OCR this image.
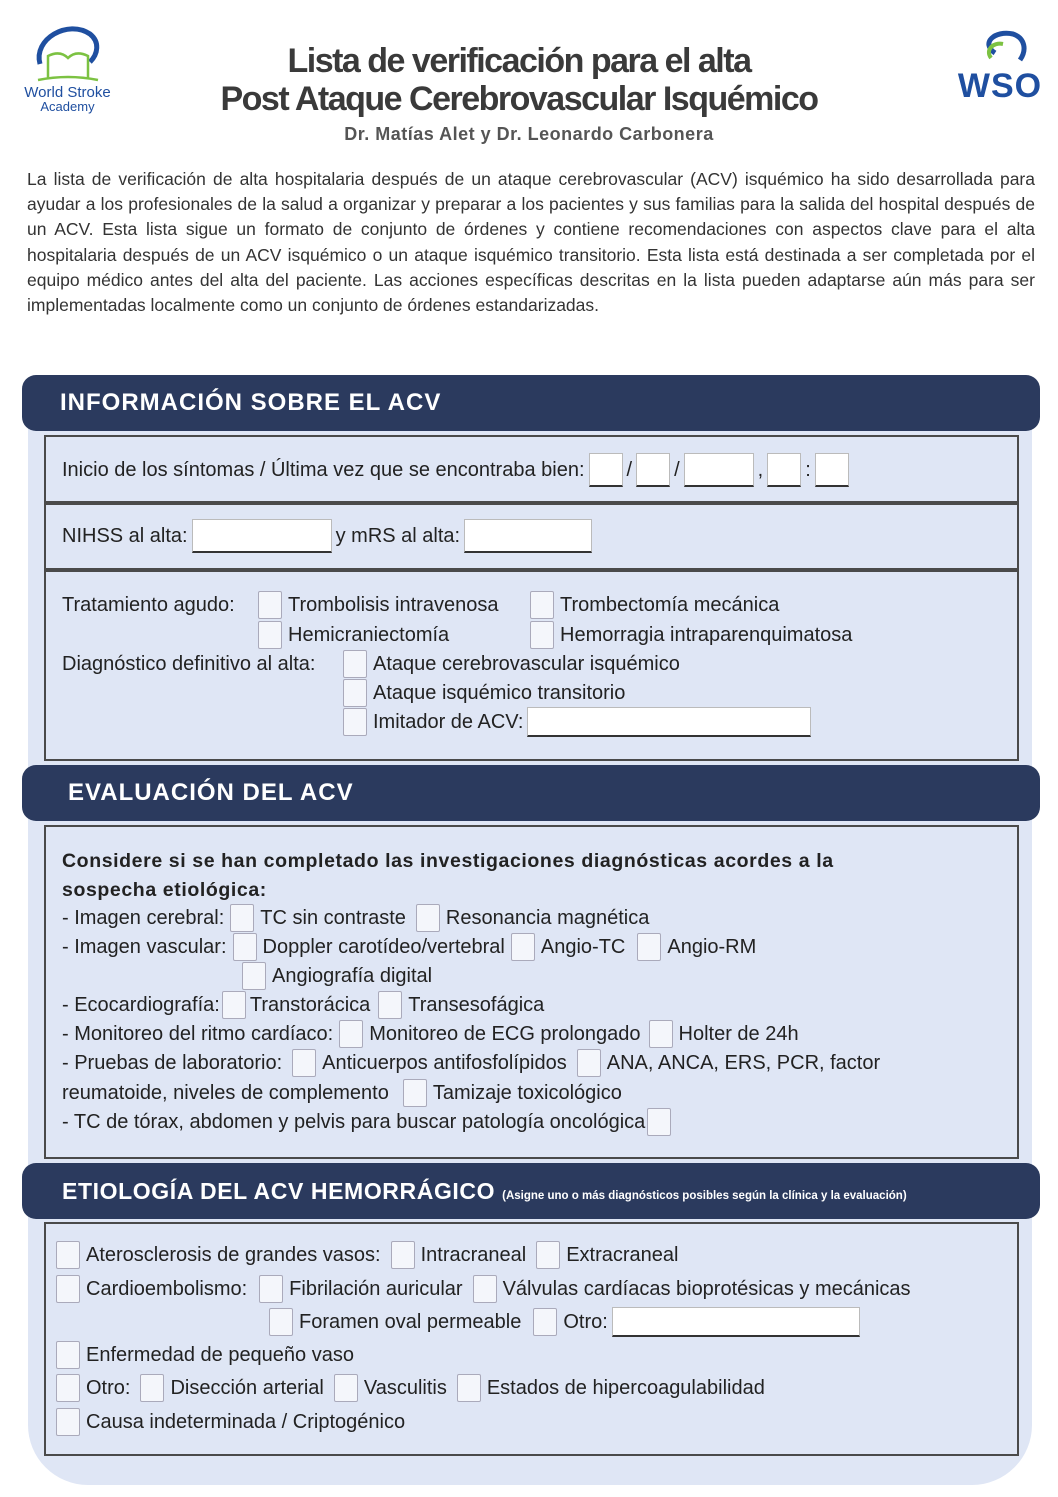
World Stroke
Academy
WSO
Lista de verificación para el alta
Post Ataque Cerebrovascular Isquémico
Dr. Matías Alet y Dr. Leonardo Carbonera
La lista de verificación de alta hospitalaria después de un ataque cerebrovascular (ACV) isquémico ha sido desarrollada para ayudar a los profesionales de la salud a organizar y preparar a los pacientes y sus familias para la salida del hospital después de un ACV. Esta lista sigue un formato de conjunto de órdenes y contiene recomendaciones con aspectos clave para el alta hospitalaria después de un ACV isquémico o un ataque isquémico transitorio. Esta lista está destinada a ser completada por el equipo médico antes del alta del paciente. Las acciones específicas descritas en la lista pueden adaptarse aún más para ser implementadas localmente como un conjunto de órdenes estandarizadas.
INFORMACIÓN SOBRE EL ACV
Inicio de los síntomas / Última vez que se encontraba bien: / /	, :
NIHSS al alta:	y mRS al alta:
Tratamiento agudo:	Trombolisis intravenosa	Trombectomía mecánica
Hemicraniectomía	Hemorragia intraparenquimatosa
Diagnóstico definitivo al alta:	Ataque cerebrovascular isquémico
Ataque isquémico transitorio
Imitador de ACV:
EVALUACIÓN DEL ACV
Considere si se han completado las investigaciones diagnósticas acordes a la
sospecha etiológica:
- Imagen cerebral: TC sin contraste Resonancia magnética
- Imagen vascular: Doppler carotídeo/vertebral Angio-TC Angio-RM
Angiografía digital
- Ecocardiografía: Transtorácica Transesofágica
- Monitoreo del ritmo cardíaco: Monitoreo de ECG prolongado Holter de 24h
- Pruebas de laboratorio: Anticuerpos antifosfolípidos ANA, ANCA, ERS, PCR, factor
reumatoide, niveles de complemento Tamizaje toxicológico
- TC de tórax, abdomen y pelvis para buscar patología oncológica
ETIOLOGÍA DEL ACV HEMORRÁGICO (Asigne uno o más diagnósticos posibles según la clínica y la evaluación)
Aterosclerosis de grandes vasos: Intracraneal Extracraneal
Cardioembolismo: Fibrilación auricular Válvulas cardíacas bioprotésicas y mecánicas
Foramen oval permeable Otro:
Enfermedad de pequeño vaso
Otro: Disección arterial Vasculitis Estados de hipercoagulabilidad
Causa indeterminada / Criptogénico
